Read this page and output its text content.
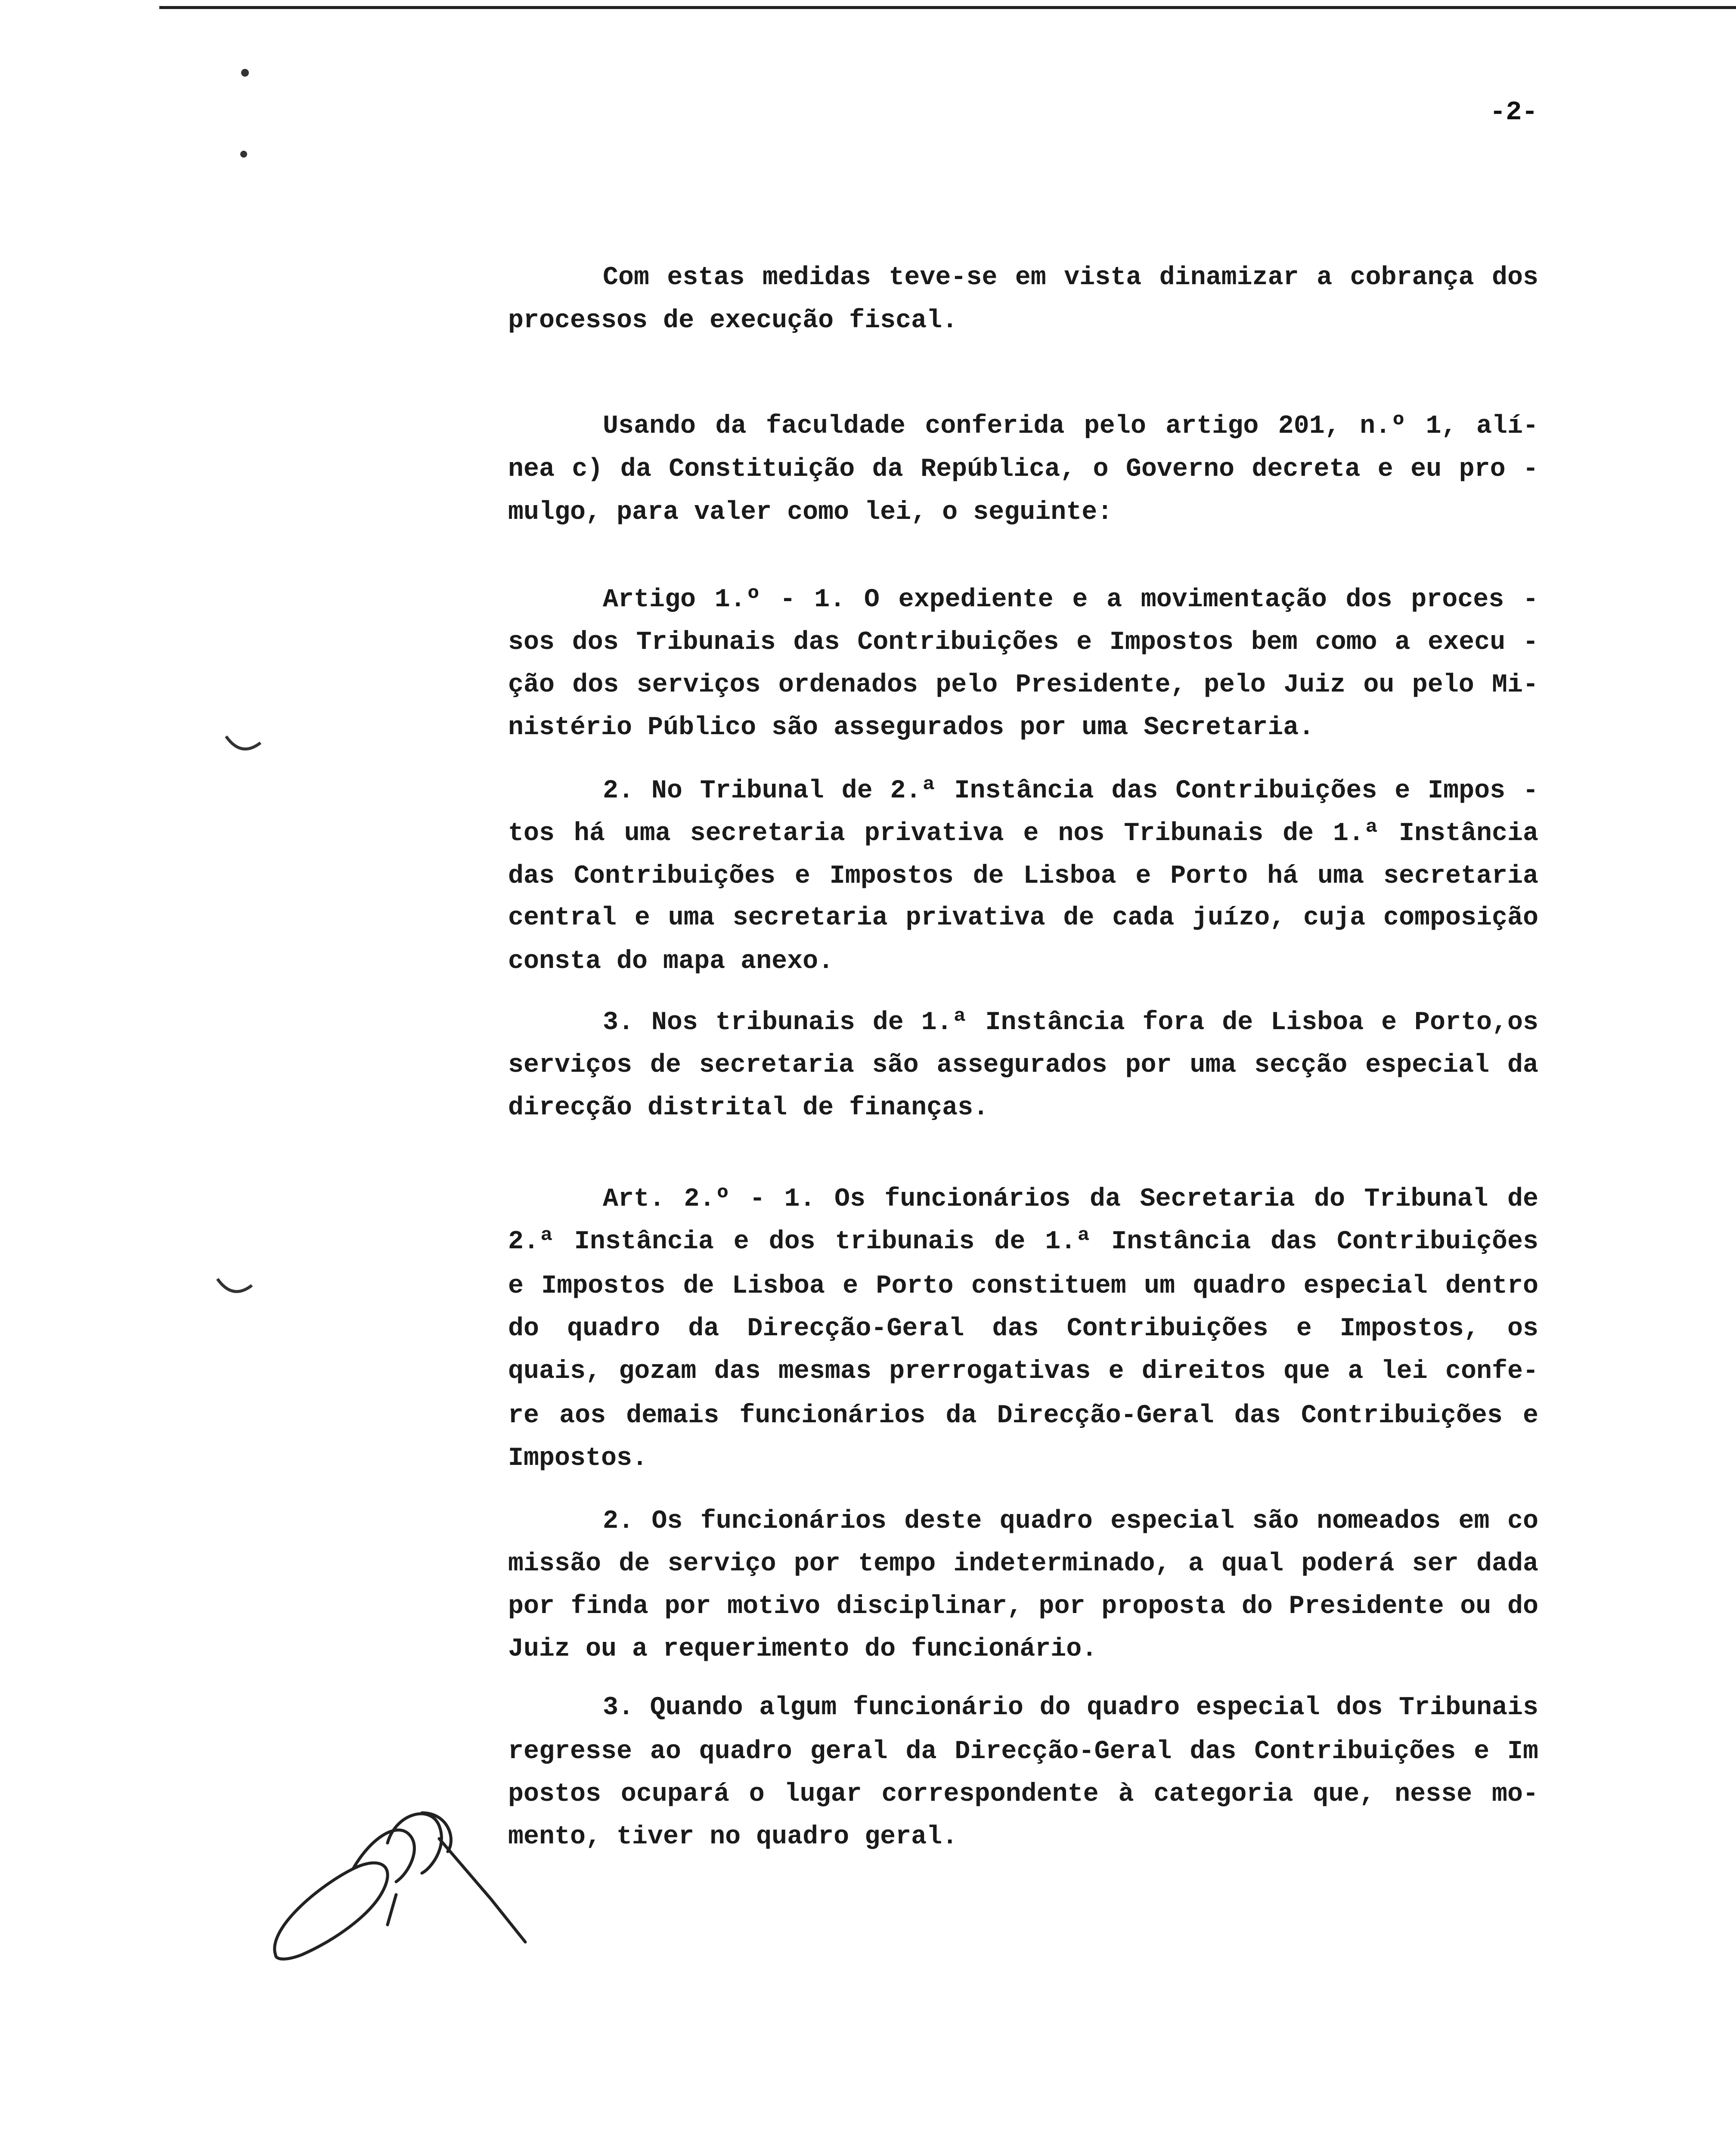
-2-
Com estas medidas teve-se em vista dinamizar a cobrança dos
processos de execução fiscal.
Usando da faculdade conferida pelo artigo 201, n.º 1, alí-
nea c) da Constituição da República, o Governo decreta e eu pro -
mulgo, para valer como lei, o seguinte:
Artigo 1.º - 1. O expediente e a movimentação dos proces -
sos dos Tribunais das Contribuições e Impostos bem como a execu -
ção dos serviços ordenados pelo Presidente, pelo Juiz ou pelo Mi-
nistério Público são assegurados por uma Secretaria.
2. No Tribunal de 2.ª Instância das Contribuições e Impos -
tos há uma secretaria privativa e nos Tribunais de 1.ª Instância
das Contribuições e Impostos de Lisboa e Porto há uma secretaria
central e uma secretaria privativa de cada juízo, cuja composição
consta do mapa anexo.
3. Nos tribunais de 1.ª Instância fora de Lisboa e Porto,os
serviços de secretaria são assegurados por uma secção especial da
direcção distrital de finanças.
Art. 2.º - 1. Os funcionários da Secretaria do Tribunal de
2.ª Instância e dos tribunais de 1.ª Instância das Contribuições
e Impostos de Lisboa e Porto constituem um quadro especial dentro
do quadro da Direcção-Geral das Contribuições e Impostos, os
quais, gozam das mesmas prerrogativas e direitos que a lei confe-
re aos demais funcionários da Direcção-Geral das Contribuições e
Impostos.
2. Os funcionários deste quadro especial são nomeados em co
missão de serviço por tempo indeterminado, a qual poderá ser dada
por finda por motivo disciplinar, por proposta do Presidente ou do
Juiz ou a requerimento do funcionário.
3. Quando algum funcionário do quadro especial dos Tribunais
regresse ao quadro geral da Direcção-Geral das Contribuições e Im
postos ocupará o lugar correspondente à categoria que, nesse mo-
mento, tiver no quadro geral.
